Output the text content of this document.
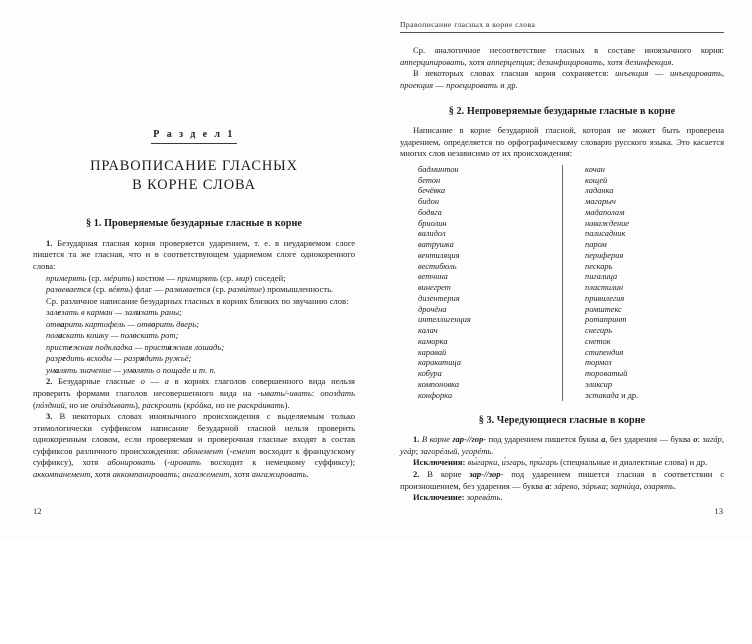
Р а з д е л 1
ПРАВОПИСАНИЕ ГЛАСНЫХ
В КОРНЕ СЛОВА
§ 1. Проверяемые безударные гласные в корне

1. Безударная гласная корня проверяется ударением, т. е. в неударяемом слоге пишется та же гласная, что и в соответствующем ударяемом слоге однокоренного слова:

примерять (ср. мéрить) костюм — примирять (ср. мир) соседей;

развевается (ср. вéять) флаг — развивается (ср. развúтие) промышленность.

Ср. различное написание безударных гласных в корнях близких по звучанию слов:

залезать в карман — зализать раны;

отварить картофель — отворить дверь;

поласкать кошку — полоскать рот;

пристежная подкладка — пристяжная лошадь;

разредить всходы — разрядить ружьё;

умалять значение — умолять о пощаде и т. п.

2. Безударные гласные о — а в корнях глаголов совершенного вида нельзя проверить формами глаголов несовершенного вида на -ывать/-ивать: опоздать (пóздний, но не опáздывать), раскроить (крóйка, но не раскрáивать).

3. В некоторых словах иноязычного происхождения с выделяемым только этимологически суффиксом написание безударной гласной нельзя проверить однокоренным словом, если проверяемая и проверочная гласные входят в состав суффиксов различного происхождения: абонемент (-емент восходит к французскому суффиксу), хотя абонировать (-ировать восходит к немецкому суффиксу); аккомпанемент, хотя аккомпанировать; ангажемент, хотя ангажировать.

12
Правописание гласных в корне слова

Ср. аналогичное несоответствие гласных в составе иноязычного корня: апперципировать, хотя апперцепция; дезинфицировать, хотя дезинфекция.

В некоторых словах гласная корня сохраняется: инъекция — инъецировать, проекция — проецировать и др.

§ 2. Непроверяемые безударные гласные в корне

Написание в корне безударной гласной, которая не может быть проверена ударением, определяется по орфографическому словарю русского языка. Это касается многих слов независимо от их происхождения:

бадминтон
бетон
бечёвка
бидон
бодяга
бриолин
валидол
ватрушка
вентиляция
вестибюль
ветчина
винегрет
дизентерия
дрочёна
интеллигенция
калач
каморка
каравай
каракатица
кобура
компоновка
конфорка
кочан
кощей
ладанка
магарыч
мадаполам
наваждение
палисадник
паром
периферия
пескарь
пигалица
пластилин
привилегия
ромштекс
ротапринт
снегирь
снеток
стипендия
тормоз
тороватый
эликсир
эстакада и др.
§ 3. Чередующиеся гласные в корне

1. В корне гар-//гор- под ударением пишется буква а, без ударения — буква о: загáр, угáр; загорéлый, угорéть.

Исключения: вы́гарки, и́згарь, при́гарь (специальные и диалектные слова) и др.

2. В корне зар-//зор- под ударением пишется гласная в соответствии с произношением, без ударения — буква а: зáрево, зóрька; зарнúца, озарять.

Исключение: зоревáть.

13
